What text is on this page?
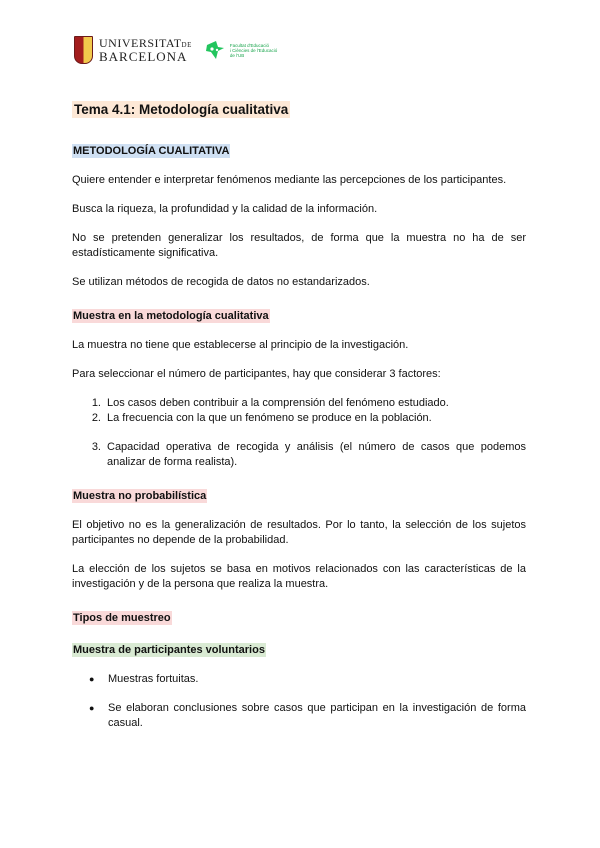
UNIVERSITATDE
BARCELONA
Facultat d'Educació
i Ciències de l'Educació
de l'UB
Tema 4.1: Metodología cualitativa
METODOLOGÍA CUALITATIVA

Quiere entender e interpretar fenómenos mediante las percepciones de los participantes.

Busca la riqueza, la profundidad y la calidad de la información.

No se pretenden generalizar los resultados, de forma que la muestra no ha de ser estadísticamente significativa.

Se utilizan métodos de recogida de datos no estandarizados.

Muestra en la metodología cualitativa

La muestra no tiene que establecerse al principio de la investigación.

Para seleccionar el número de participantes, hay que considerar 3 factores:

1. Los casos deben contribuir a la comprensión del fenómeno estudiado.
2. La frecuencia con la que un fenómeno se produce en la población.
3. Capacidad operativa de recogida y análisis (el número de casos que podemos analizar de forma realista).
Muestra no probabilística

El objetivo no es la generalización de resultados. Por lo tanto, la selección de los sujetos participantes no depende de la probabilidad.

La elección de los sujetos se basa en motivos relacionados con las características de la investigación y de la persona que realiza la muestra.

Tipos de muestreo
Muestra de participantes voluntarios
●	Muestras fortuitas.
●	Se elaboran conclusiones sobre casos que participan en la investigación de forma casual.
